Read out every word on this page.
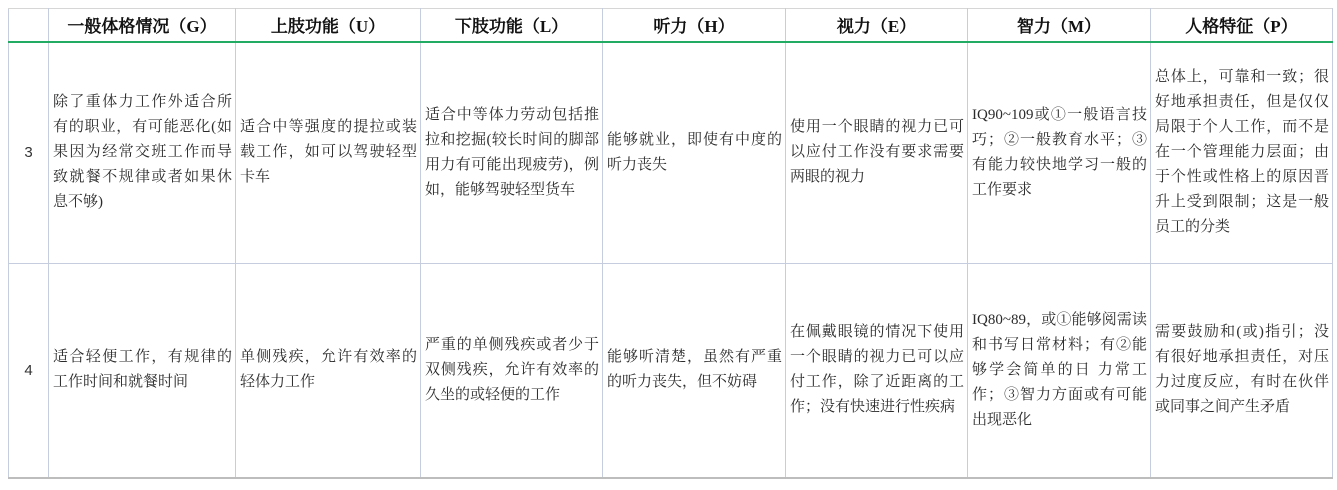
	一般体格情况（G）	上肢功能（U）	下肢功能（L）	听力（H）	视力（E）	智力（M）	人格特征（P）
3	除了重体力工作外适合所有的职业，有可能恶化(如果因为经常交班工作而导致就餐不规律或者如果休息不够)	适合中等强度的提拉或装载工作，如可以驾驶轻型卡车	适合中等体力劳动包括推拉和挖掘(较长时间的脚部用力有可能出现疲劳)，例如，能够驾驶轻型货车	能够就业，即使有中度的听力丧失	使用一个眼睛的视力已可以应付工作没有要求需要两眼的视力	IQ90~109或①一般语言技巧；②一般教育水平；③有能力较快地学习一般的工作要求	总体上，可靠和一致；很好地承担责任，但是仅仅局限于个人工作，而不是在一个管理能力层面；由于个性或性格上的原因晋升上受到限制；这是一般员工的分类
4	适合轻便工作，有规律的工作时间和就餐时间	单侧残疾，允许有效率的轻体力工作	严重的单侧残疾或者少于双侧残疾，允许有效率的久坐的或轻便的工作	能够听清楚，虽然有严重的听力丧失，但不妨碍	在佩戴眼镜的情况下使用一个眼睛的视力已可以应付工作，除了近距离的工作；没有快速进行性疾病	IQ80~89，或①能够阅需读和书写日常材料；有②能够学会简单的日 力常工作；③智力方面或有可能出现恶化	需要鼓励和(或)指引；没有很好地承担责任，对压力过度反应，有时在伙伴或同事之间产生矛盾
